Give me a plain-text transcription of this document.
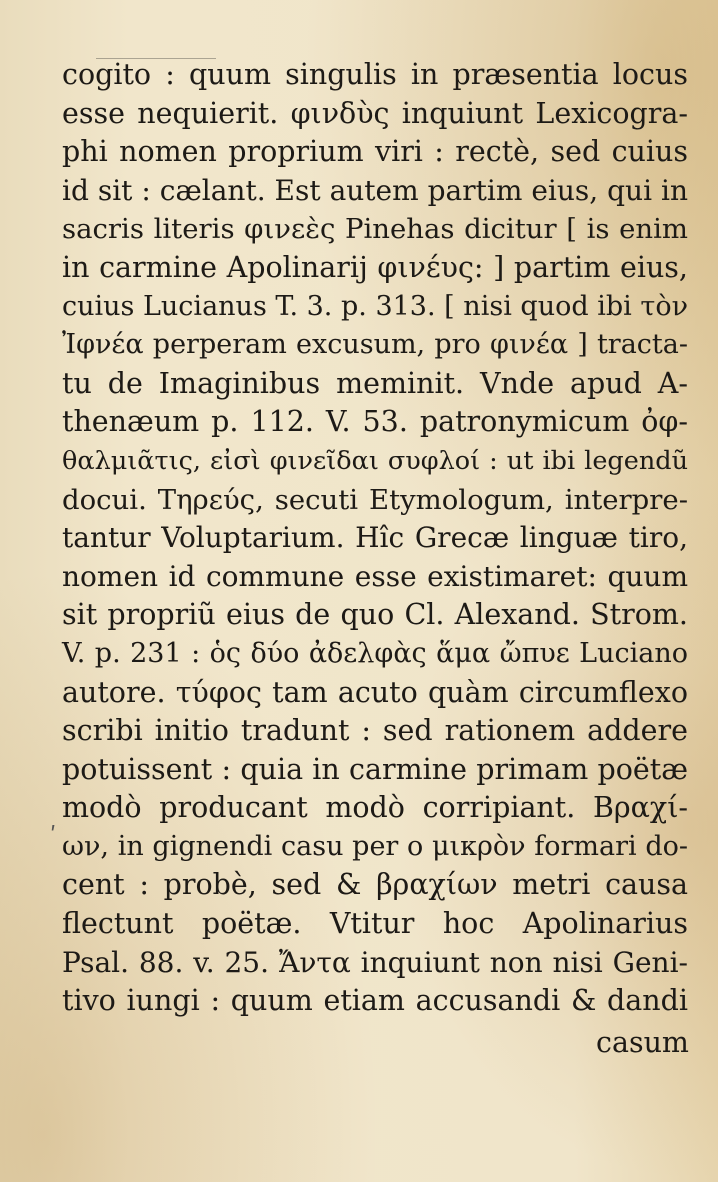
cogito : quum singulis in præsentia locus
esse nequierit. φινδὺς inquiunt Lexicogra-
phi nomen proprium viri : rectè, sed cuius
id sit : cælant. Est autem partim eius, qui in
sacris literis φινεὲς Pinehas dicitur [ is enim
in carmine Apolinarij φινέυς: ] partim eius,
cuius Lucianus T. 3. p. 313. [ nisi quod ibi τὸν
Ἰφνέα perperam excusum, pro φινέα ] tracta-
tu de Imaginibus meminit. Vnde apud A-
thenæum p. 112. V. 53. patronymicum ὀφ-
θαλμιᾶτις, εἰσὶ φινεῖδαι συφλοί : ut ibi legendũ
docui. Τηρεύς, secuti Etymologum, interpre-
tantur Voluptarium. Hîc Grecæ linguæ tiro,
nomen id commune esse existimaret: quum
sit propriũ eius de quo Cl. Alexand. Strom.
V. p. 231 : ὁς δύο ἀδελφὰς ἅμα ὤπυε Luciano
autore. τύφος tam acuto quàm circumflexo
scribi initio tradunt : sed rationem addere
potuissent : quia in carmine primam poëtæ
modò producant modò corripiant. Βραχί-
ων, in gignendi casu per ο μικρὸν formari do-
cent : probè, sed & βραχίων metri causa
flectunt poëtæ. Vtitur hoc Apolinarius
Psal. 88. v. 25. Ἄντα inquiunt non nisi Geni-
tivo iungi : quum etiam accusandi & dandi
casum
ʹ
